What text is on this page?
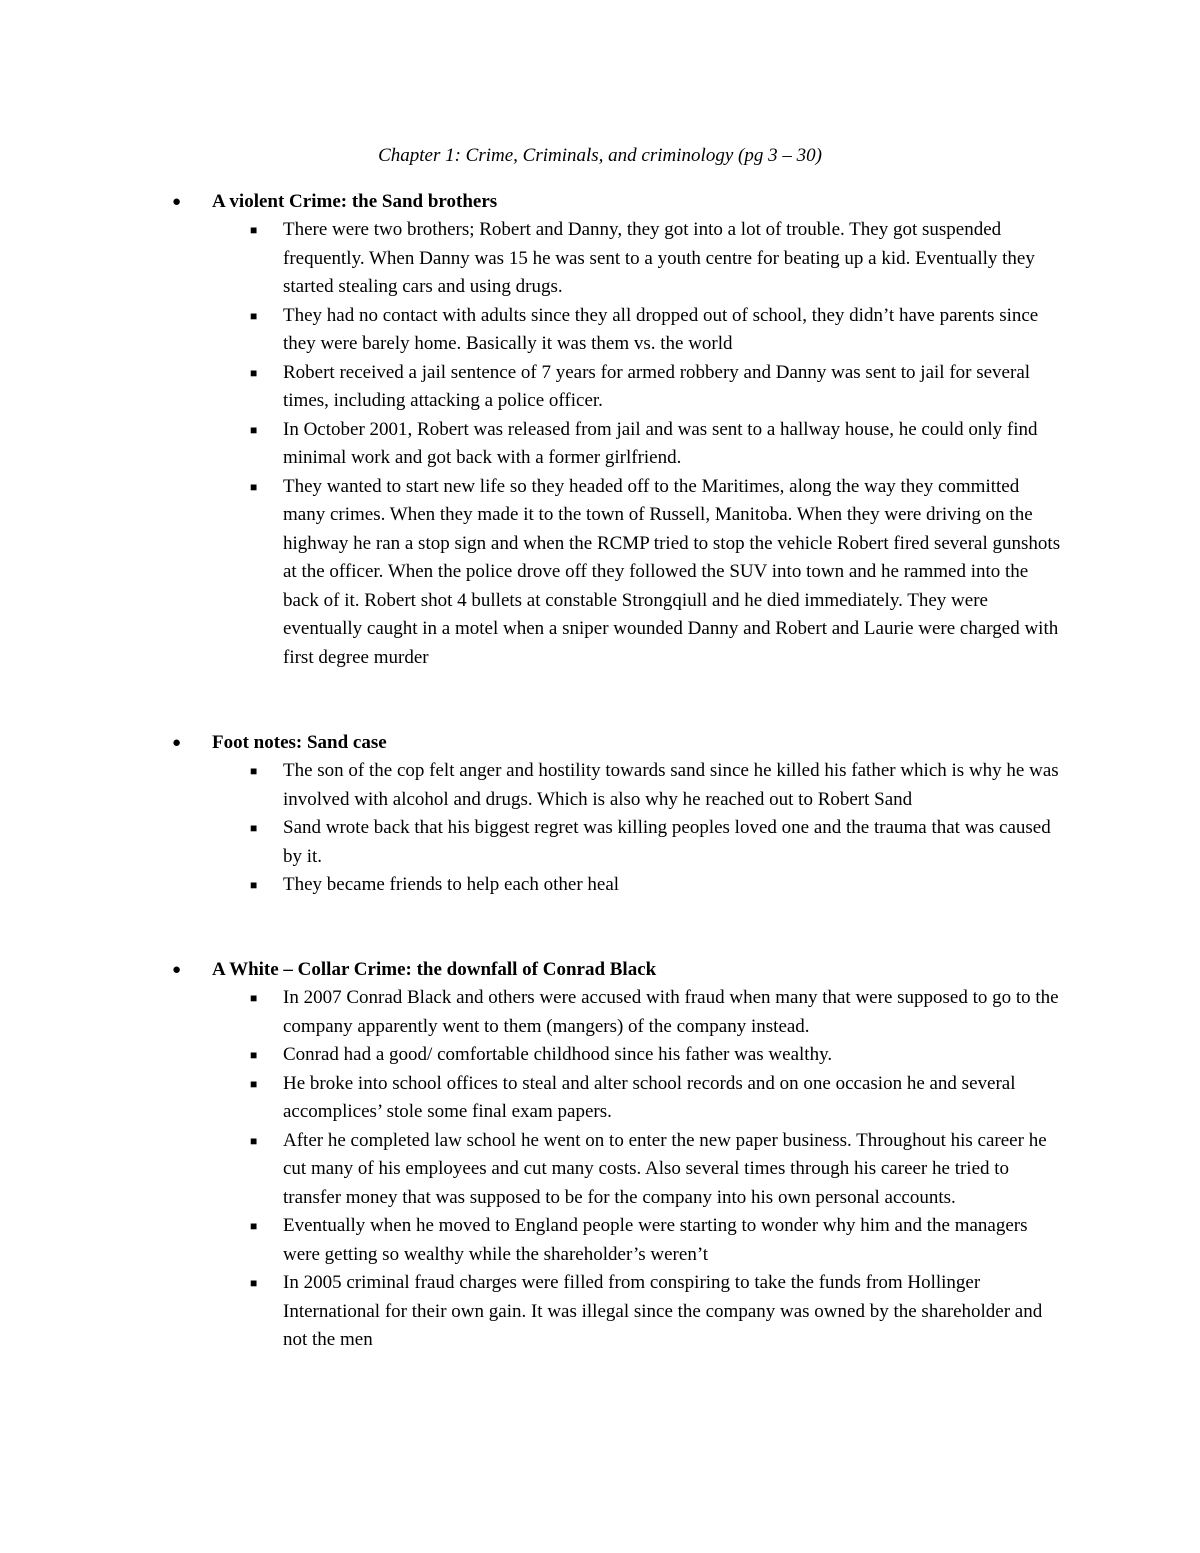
Chapter 1: Crime, Criminals, and criminology (pg 3 – 30)
● A violent Crime: the Sand brothers
■ There were two brothers; Robert and Danny, they got into a lot of trouble. They got suspended frequently. When Danny was 15 he was sent to a youth centre for beating up a kid. Eventually they started stealing cars and using drugs.
■ They had no contact with adults since they all dropped out of school, they didn’t have parents since they were barely home. Basically it was them vs. the world
■ Robert received a jail sentence of 7 years for armed robbery and Danny was sent to jail for several times, including attacking a police officer.
■ In October 2001, Robert was released from jail and was sent to a hallway house, he could only find minimal work and got back with a former girlfriend.
■ They wanted to start new life so they headed off to the Maritimes, along the way they committed many crimes. When they made it to the town of Russell, Manitoba. When they were driving on the highway he ran a stop sign and when the RCMP tried to stop the vehicle Robert fired several gunshots at the officer. When the police drove off they followed the SUV into town and he rammed into the back of it. Robert shot 4 bullets at constable Strongqiull and he died immediately. They were eventually caught in a motel when a sniper wounded Danny and Robert and Laurie were charged with first degree murder
● Foot notes: Sand case
■ The son of the cop felt anger and hostility towards sand since he killed his father which is why he was involved with alcohol and drugs. Which is also why he reached out to Robert Sand
■ Sand wrote back that his biggest regret was killing peoples loved one and the trauma that was caused by it.
■ They became friends to help each other heal
● A White – Collar Crime: the downfall of Conrad Black
■ In 2007 Conrad Black and others were accused with fraud when many that were supposed to go to the company apparently went to them (mangers) of the company instead.
■ Conrad had a good/ comfortable childhood since his father was wealthy.
■ He broke into school offices to steal and alter school records and on one occasion he and several accomplices’ stole some final exam papers.
■ After he completed law school he went on to enter the new paper business. Throughout his career he cut many of his employees and cut many costs. Also several times through his career he tried to transfer money that was supposed to be for the company into his own personal accounts.
■ Eventually when he moved to England people were starting to wonder why him and the managers were getting so wealthy while the shareholder’s weren’t
■ In 2005 criminal fraud charges were filled from conspiring to take the funds from Hollinger International for their own gain. It was illegal since the company was owned by the shareholder and not the men
